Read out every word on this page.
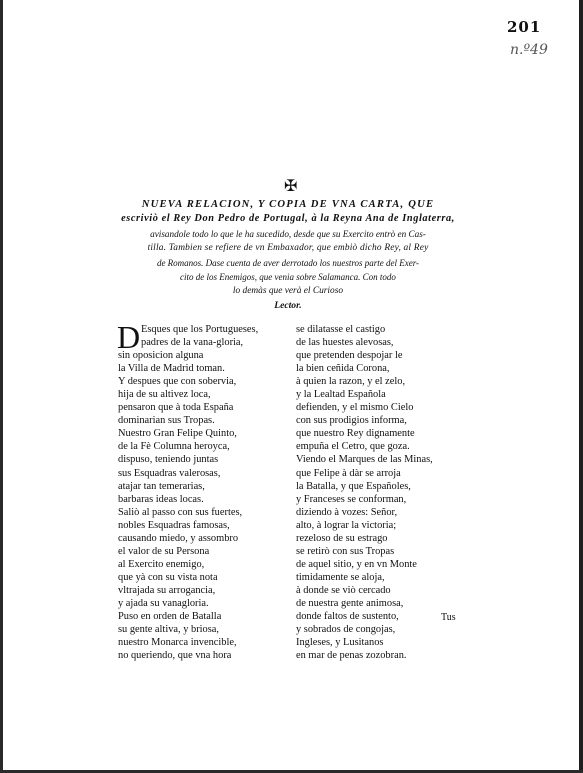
201
n.º49
✠
NUEVA RELACION, Y COPIA DE VNA CARTA, QUE
escriviò el Rey Don Pedro de Portugal, à la Reyna Ana de Inglaterra,
avisandole todo lo que le ha sucedido, desde que su Exercito entrò en Cas-
tilla. Tambien se refiere de vn Embaxador, que embiò dicho Rey, al Rey
de Romanos. Dase cuenta de aver derrotado los nuestros parte del Exer-
cito de los Enemigos, que venia sobre Salamanca. Con todo
lo demàs que verà el Curioso
Lector.
D Esques que los Portugueses,
padres de la vana-gloria,
sin oposicion alguna
la Villa de Madrid toman.
Y despues que con sobervia,
hija de su altivez loca,
pensaron que à toda España
dominarian sus Tropas.
Nuestro Gran Felipe Quinto,
de la Fè Columna heroyca,
dispuso, teniendo juntas
sus Esquadras valerosas,
atajar tan temerarias,
barbaras ideas locas.
Saliò al passo con sus fuertes,
nobles Esquadras famosas,
causando miedo, y assombro
el valor de su Persona
al Exercito enemigo,
que yà con su vista nota
vltrajada su arrogancia,
y ajada su vanagloria.
Puso en orden de Batalla
su gente altiva, y briosa,
nuestro Monarca invencible,
no queriendo, que vna hora
se dilatasse el castigo
de las huestes alevosas,
que pretenden despojar le
la bien ceñida Corona,
à quien la razon, y el zelo,
y la Lealtad Española
defienden, y el mismo Cielo
con sus prodigios informa,
que nuestro Rey dignamente
empuña el Cetro, que goza.
Viendo el Marques de las Minas,
que Felipe à dàr se arroja
la Batalla, y que Españoles,
y Franceses se conforman,
diziendo à vozes: Señor,
alto, à lograr la victoria;
rezeloso de su estrago
se retirò con sus Tropas
de aquel sitio, y en vn Monte
timidamente se aloja,
à donde se viò cercado
de nuestra gente animosa,
donde faltos de sustento,
y sobrados de congojas,
Ingleses, y Lusitanos
en mar de penas zozobran.
Tus
